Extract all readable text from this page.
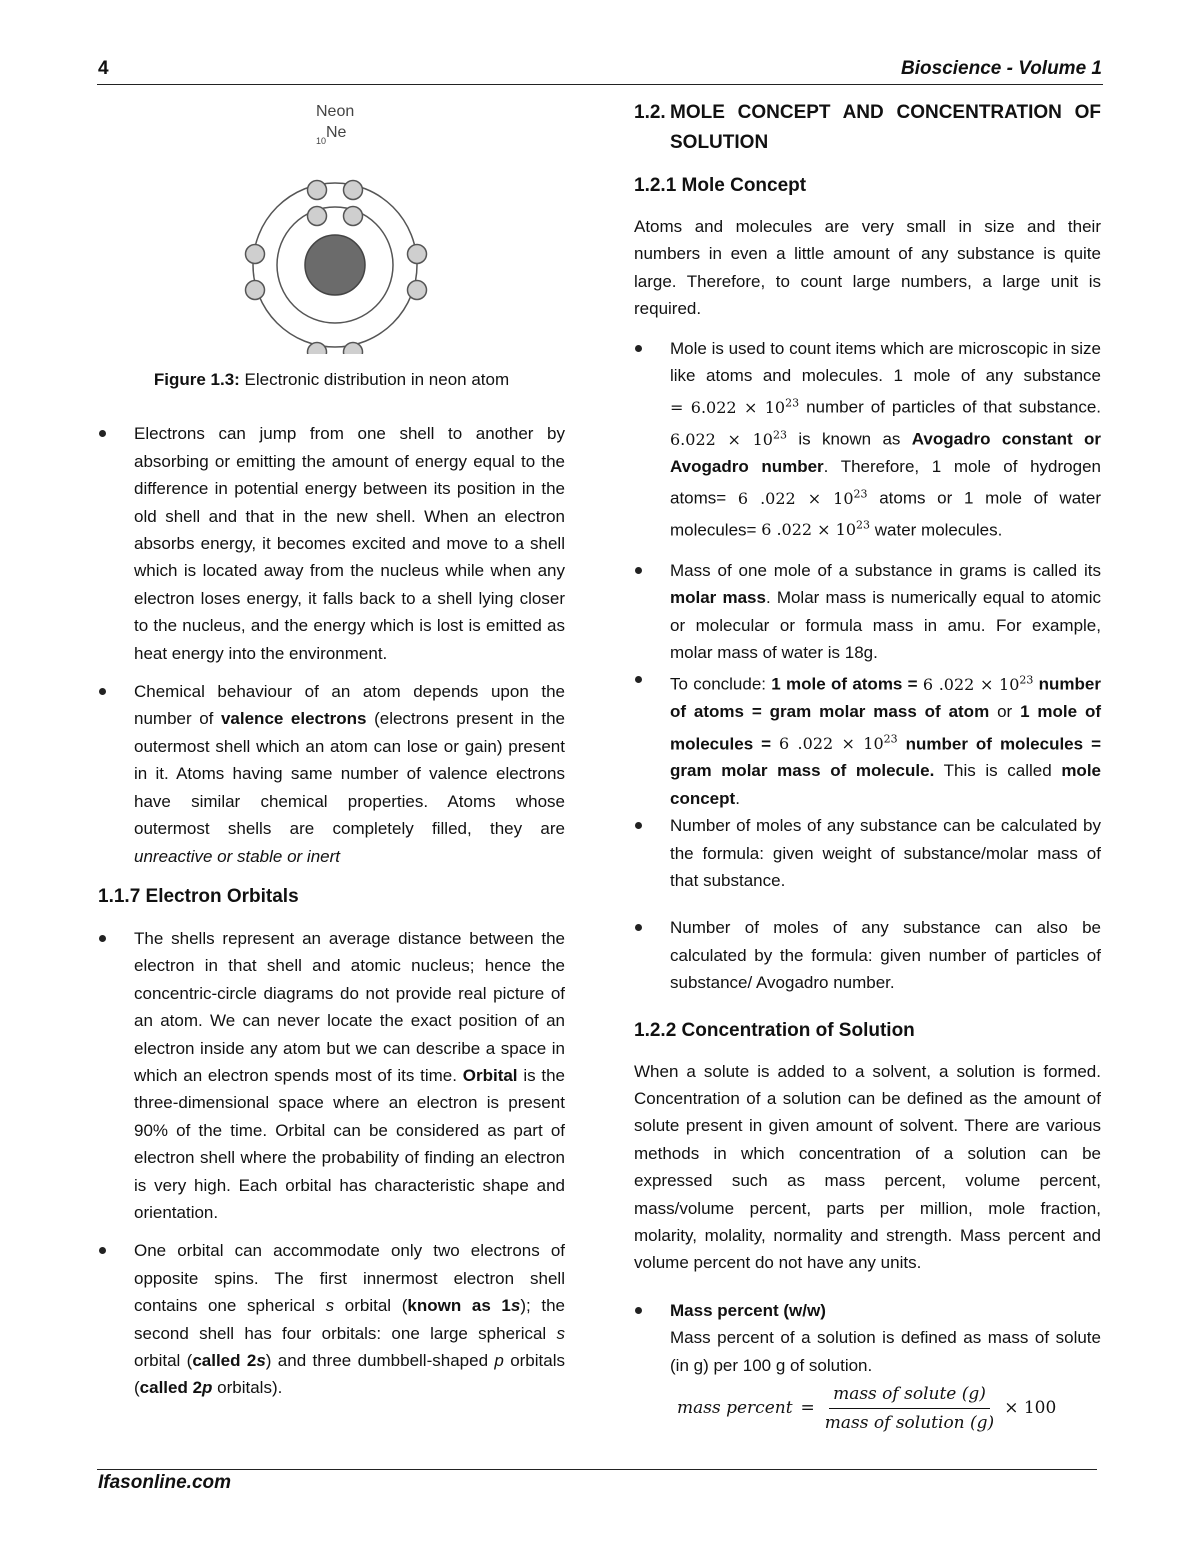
4	Bioscience - Volume 1
Neon
10 Ne

Figure 1.3: Electronic distribution in neon atom

Electrons can jump from one shell to another by absorbing or emitting the amount of energy equal to the difference in potential energy between its position in the old shell and that in the new shell. When an electron absorbs energy, it becomes excited and move to a shell which is located away from the nucleus while when any electron loses energy, it falls back to a shell lying closer to the nucleus, and the energy which is lost is emitted as heat energy into the environment.
Chemical behaviour of an atom depends upon the number of valence electrons (electrons present in the outermost shell which an atom can lose or gain) present in it. Atoms having same number of valence electrons have similar chemical properties. Atoms whose outermost shells are completely filled, they are unreactive or stable or inert
1.1.7 Electron Orbitals
The shells represent an average distance between the electron in that shell and atomic nucleus; hence the concentric-circle diagrams do not provide real picture of an atom. We can never locate the exact position of an electron inside any atom but we can describe a space in which an electron spends most of its time. Orbital is the three-dimensional space where an electron is present 90% of the time. Orbital can be considered as part of electron shell where the probability of finding an electron is very high. Each orbital has characteristic shape and orientation.
One orbital can accommodate only two electrons of opposite spins. The first innermost electron shell contains one spherical s orbital (known as 1s); the second shell has four orbitals: one large spherical s orbital (called 2s) and three dumbbell-shaped p orbitals (called 2p orbitals).
1.2. MOLE CONCEPT AND CONCENTRATION OF SOLUTION
1.2.1 Mole Concept

Atoms and molecules are very small in size and their numbers in even a little amount of any substance is quite large. Therefore, to count large numbers, a large unit is required.

Mole is used to count items which are microscopic in size like atoms and molecules. 1 mole of any substance = $6.022 \times 10^{23}$ number of particles of that substance. $6.022 \times 10^{23}$ is known as Avogadro constant or Avogadro number. Therefore, 1 mole of hydrogen atoms= 6 $.022 \times 10^{23}$ atoms or 1 mole of water molecules= 6 $.022 \times 10^{23}$ water molecules.
Mass of one mole of a substance in grams is called its molar mass. Molar mass is numerically equal to atomic or molecular or formula mass in amu. For example, molar mass of water is 18g.
To conclude: 1 mole of atoms = 6 $.022 \times 10^{23}$ number of atoms = gram molar mass of atom or 1 mole of molecules = 6 $.022 \times 10^{23}$ number of molecules = gram molar mass of molecule. This is called mole concept.
Number of moles of any substance can be calculated by the formula: given weight of substance/molar mass of that substance.
Number of moles of any substance can also be calculated by the formula: given number of particles of substance/ Avogadro number.
1.2.2 Concentration of Solution

When a solute is added to a solvent, a solution is formed. Concentration of a solution can be defined as the amount of solute present in given amount of solvent. There are various methods in which concentration of a solution can be expressed such as mass percent, volume percent, mass/volume percent, parts per million, mole fraction, molarity, molality, normality and strength. Mass percent and volume percent do not have any units.

Mass percent (w/w)
Mass percent of a solution is defined as mass of solute (in g) per 100 g of solution.
mass percent = $\frac{\text{mass of solute (g)}}{\text{mass of solution (g)}} \times 100$
Ifasonline.com
